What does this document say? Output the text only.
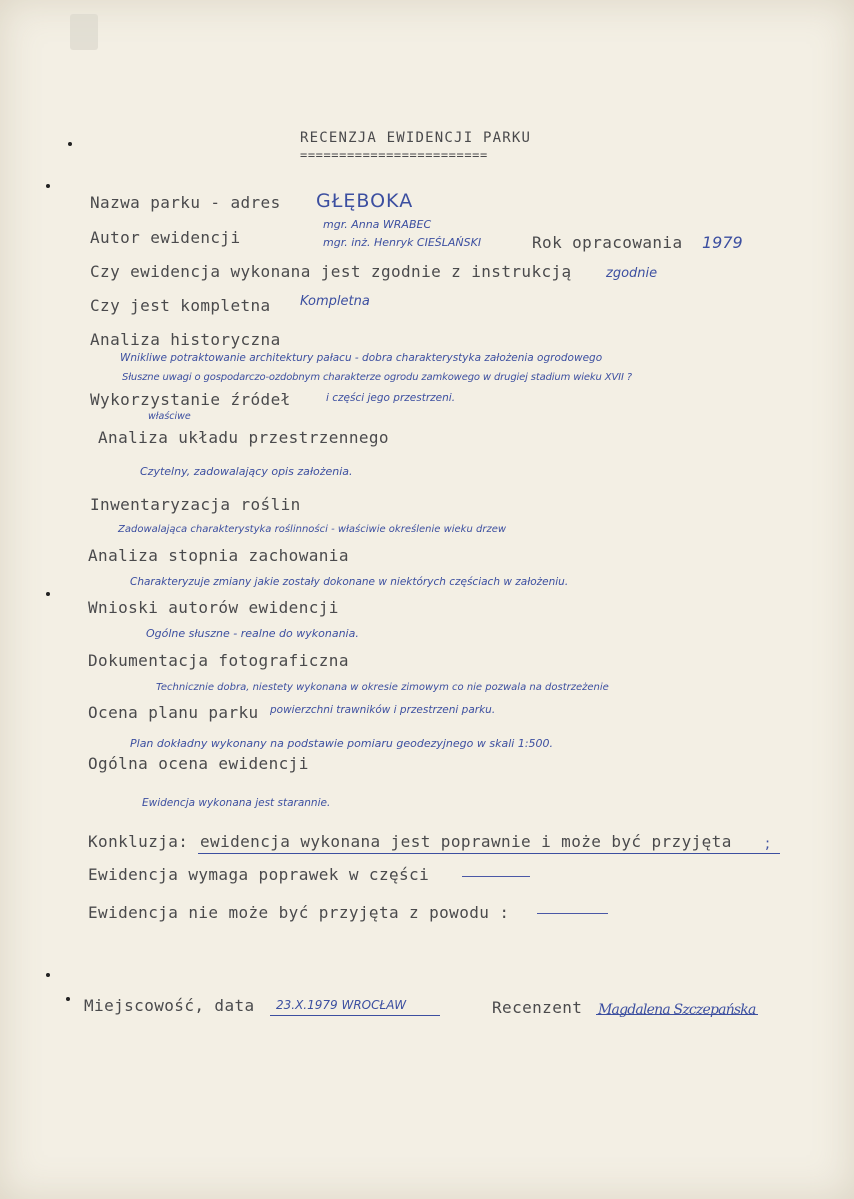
RECENZJA EWIDENCJI PARKU
========================
Nazwa parku - adres GŁĘBOKA
Autor ewidencji
mgr. Anna WRABEC
mgr. inż. Henryk CIEŚLAŃSKI	Rok opracowania 1979
Czy ewidencja wykonana jest zgodnie z instrukcją	zgodnie
Czy jest kompletna Kompletna
Analiza historyczna
Wnikliwe potraktowanie architektury pałacu - dobra charakterystyka założenia ogrodowego
Słuszne uwagi o gospodarczo-ozdobnym charakterze ogrodu zamkowego w drugiej stadium wieku XVII ?
Wykorzystanie źródeł	i części jego przestrzeni.
właściwe
Analiza układu przestrzennego
Czytelny, zadowalający opis założenia.
Inwentaryzacja roślin
Zadowalająca charakterystyka roślinności - właściwie określenie wieku drzew
Analiza stopnia zachowania
Charakteryzuje zmiany jakie zostały dokonane w niektórych częściach w założeniu.
Wnioski autorów ewidencji
Ogólne słuszne - realne do wykonania.
Dokumentacja fotograficzna
Technicznie dobra, niestety wykonana w okresie zimowym co nie pozwala na dostrzeżenie
Ocena planu parku powierzchni trawników i przestrzeni parku.
Plan dokładny wykonany na podstawie pomiaru geodezyjnego w skali 1:500.
Ogólna ocena ewidencji
Ewidencja wykonana jest starannie.
Konkluzja: ewidencja wykonana jest poprawnie i może być przyjęta ;
Ewidencja wymaga poprawek w części
Ewidencja nie może być przyjęta z powodu :
Miejscowość, data 23.X.1979 WROCŁAW	Recenzent Magdalena Szczepańska
